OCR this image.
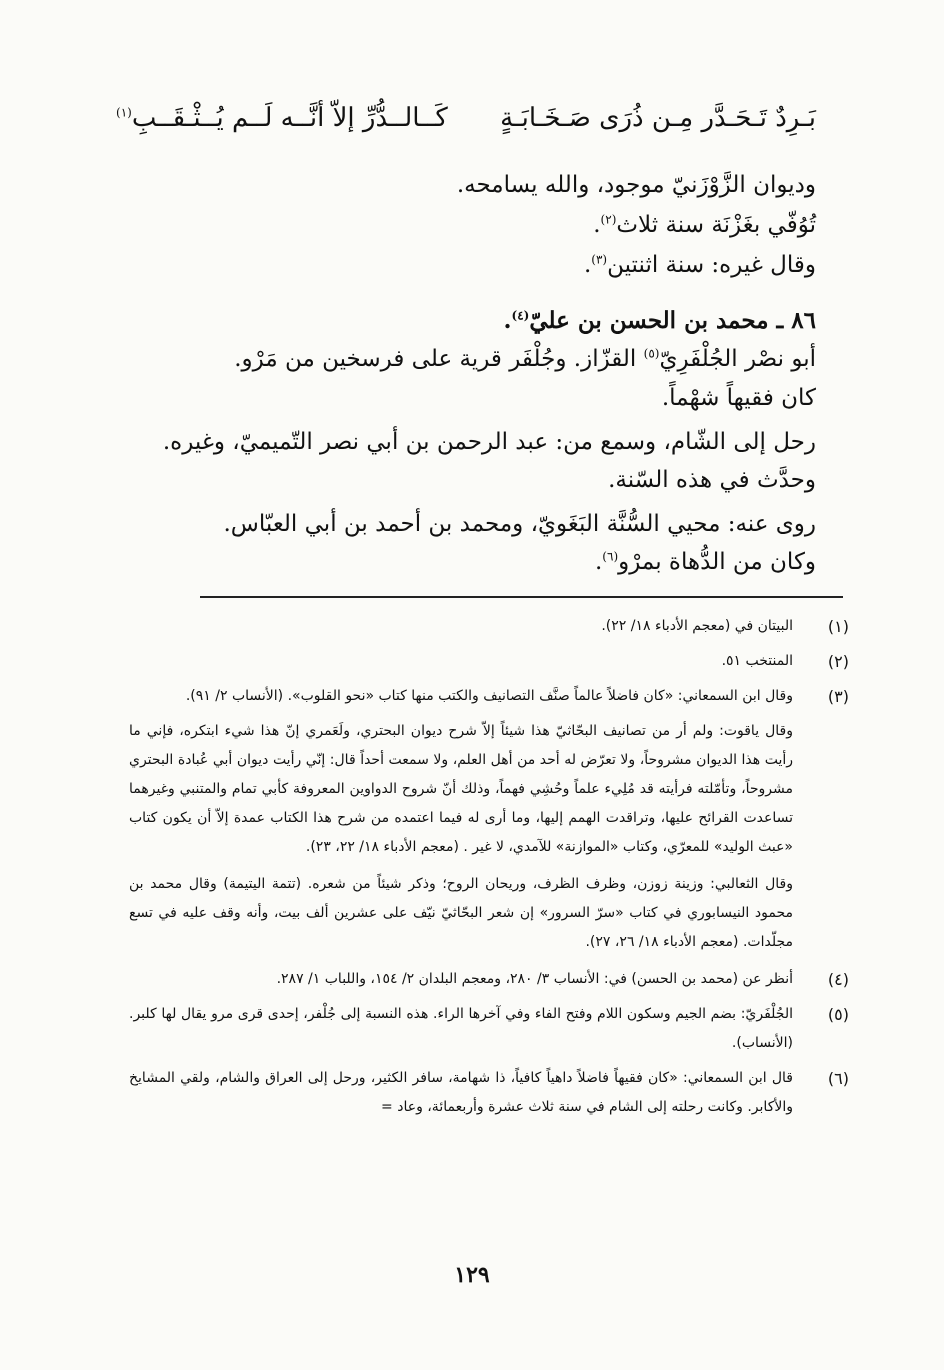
بَـرِدٌ تَـحَـدَّر مِـن ذُرَى صَـخَـابَـةٍ
كَــالــدُّرِّ إلاّ أنَّــه لَــم يُــثْـقَــبِ$^{(١)}$
وديوان الزَّوْزَنيّ موجود، والله يسامحه.
تُوُفّي بغَزْنَة سنة ثلاث$^{(٢)}$.
وقال غيره: سنة اثنتين$^{(٣)}$.
٨٦ ـ محمد بن الحسن بن عليّ$^{(٤)}$.
أبو نصْر الجُلْفَرِيّ$^{(٥)}$ القزّاز. وجُلْفَر قرية على فرسخين من مَرْو.
كان فقيهاً شهْماً.
رحل إلى الشّام، وسمع من: عبد الرحمن بن أبي نصر التّميميّ، وغيره.
وحدَّث في هذه السّنة.
روى عنه: محيي السُّنَّة البَغَويّ، ومحمد بن أحمد بن أبي العبّاس.
وكان من الدُّهاة بمرْو$^{(٦)}$.
(١)
البيتان في (معجم الأدباء ١٨/ ٢٢).
(٢)
المنتخب ٥١.
(٣)
وقال ابن السمعاني: «كان فاضلاً عالماً صنَّف التصانيف والكتب منها كتاب «نحو القلوب». (الأنساب ٢/ ٩١).
وقال ياقوت: ولم أر من تصانيف البحّاثيّ هذا شيئاً إلاّ شرح ديوان البحتري، ولَعَمري إنّ هذا شيء ابتكره، فإني ما رأيت هذا الديوان مشروحاً، ولا تعرّض له أحد من أهل العلم، ولا سمعت أحداً قال: إنّي رأيت ديوان أبي عُبادة البحتري مشروحاً، وتأمّلته فرأيته قد مُلِيء علماً وحُشِي فهماً، وذلك أنّ شروح الدواوين المعروفة كأبي تمام والمتنبي وغيرهما تساعدت القرائح عليها، وتراقدت الهمم إليها، وما أرى له فيما اعتمده من شرح هذا الكتاب عمدة إلاّ أن يكون كتاب «عبث الوليد» للمعرّي، وكتاب «الموازنة» للآمدي، لا غير . (معجم الأدباء ١٨/ ٢٢، ٢٣).
وقال الثعالبي: وزينة زوزن، وظرف الظرف، وريحان الروح؛ وذكر شيئاً من شعره. (تتمة اليتيمة) وقال محمد بن محمود النيسابوري في كتاب «سرّ السرور» إن شعر البحّاثيّ نيّف على عشرين ألف بيت، وأنه وقف عليه في تسع مجلّدات. (معجم الأدباء ١٨/ ٢٦، ٢٧).
(٤)
أنظر عن (محمد بن الحسن) في: الأنساب ٣/ ٢٨٠، ومعجم البلدان ٢/ ١٥٤، واللباب ١/ ٢٨٧.
(٥)
الجُلْفَريّ: بضم الجيم وسكون اللام وفتح الفاء وفي آخرها الراء. هذه النسبة إلى جُلْفر، إحدى قرى مرو يقال لها كلبر. (الأنساب).
(٦)
قال ابن السمعاني: «كان فقيهاً فاضلاً داهياً كافياً، ذا شهامة، سافر الكثير، ورحل إلى العراق والشام، ولقي المشايخ والأكابر. وكانت رحلته إلى الشام في سنة ثلاث عشرة وأربعمائة، وعاد =
١٢٩
